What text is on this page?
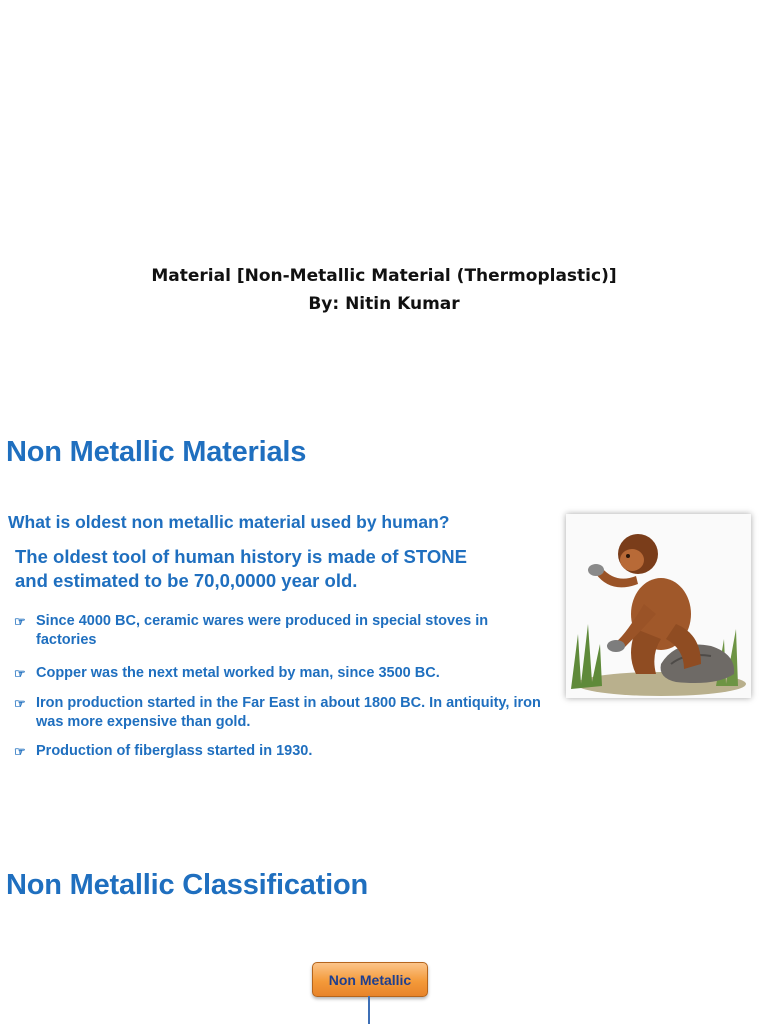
Material [Non-Metallic Material (Thermoplastic)]
By: Nitin Kumar
Non Metallic Materials
What is oldest non metallic material used by human?
The oldest tool of human history is made of STONE
and estimated to be 70,0,0000 year old.
☞ Since 4000 BC, ceramic wares were produced in special stoves in factories
☞ Copper was the next metal worked by man, since 3500 BC.
☞ Iron production started in the Far East in about 1800 BC. In antiquity, iron was more expensive than gold.
☞ Production of fiberglass started in 1930.
Non Metallic Classification
Non Metallic
